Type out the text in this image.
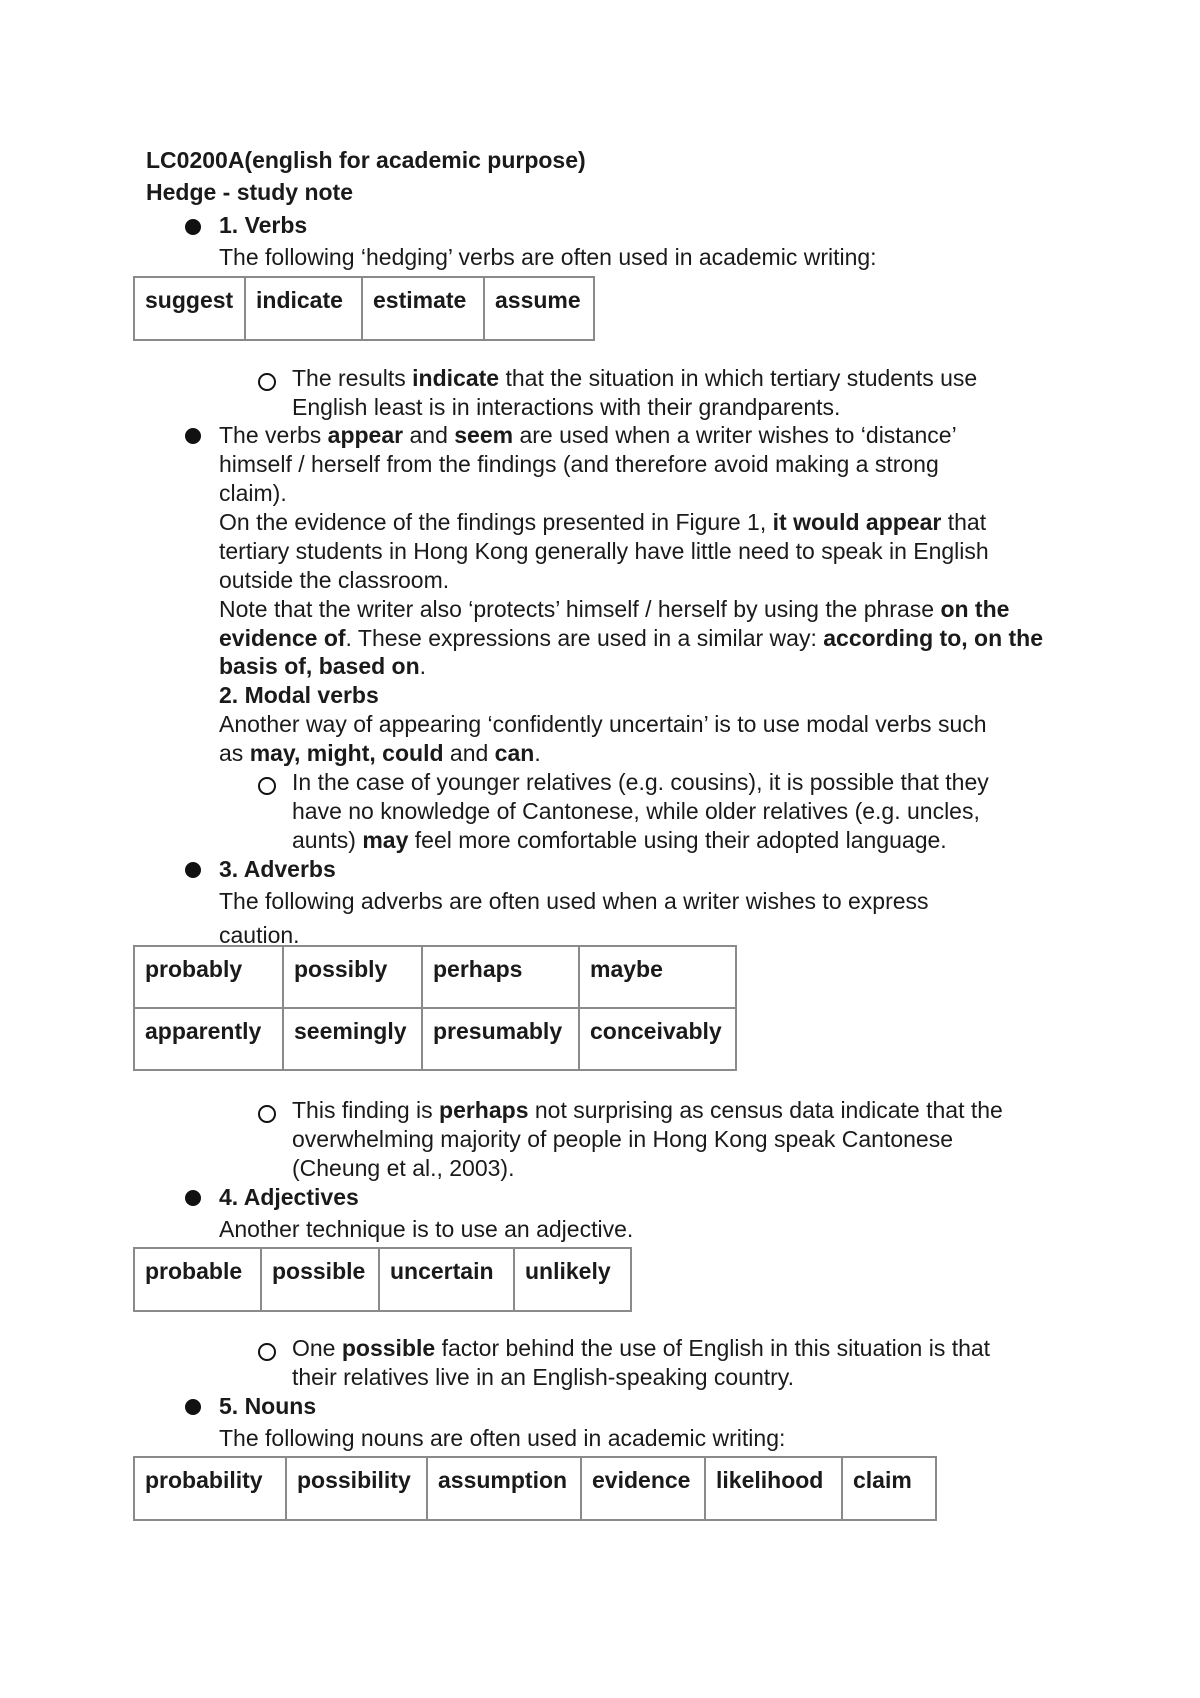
LC0200A(english for academic purpose)
Hedge - study note
1. Verbs
The following ‘hedging’ verbs are often used in academic writing:
suggest	indicate	estimate	assume
The results indicate that the situation in which tertiary students use
English least is in interactions with their grandparents.
The verbs appear and seem are used when a writer wishes to ‘distance’
himself / herself from the findings (and therefore avoid making a strong
claim).
On the evidence of the findings presented in Figure 1, it would appear that
tertiary students in Hong Kong generally have little need to speak in English
outside the classroom.
Note that the writer also ‘protects’ himself / herself by using the phrase on the
evidence of. These expressions are used in a similar way: according to, on the
basis of, based on.
2. Modal verbs
Another way of appearing ‘confidently uncertain’ is to use modal verbs such
as may, might, could and can.
In the case of younger relatives (e.g. cousins), it is possible that they
have no knowledge of Cantonese, while older relatives (e.g. uncles,
aunts) may feel more comfortable using their adopted language.
3. Adverbs
The following adverbs are often used when a writer wishes to express
caution.
probably	possibly	perhaps	maybe
apparently	seemingly	presumably	conceivably
This finding is perhaps not surprising as census data indicate that the
overwhelming majority of people in Hong Kong speak Cantonese
(Cheung et al., 2003).
4. Adjectives
Another technique is to use an adjective.
probable	possible	uncertain	unlikely
One possible factor behind the use of English in this situation is that
their relatives live in an English-speaking country.
5. Nouns
The following nouns are often used in academic writing:
probability	possibility	assumption	evidence	likelihood	claim
